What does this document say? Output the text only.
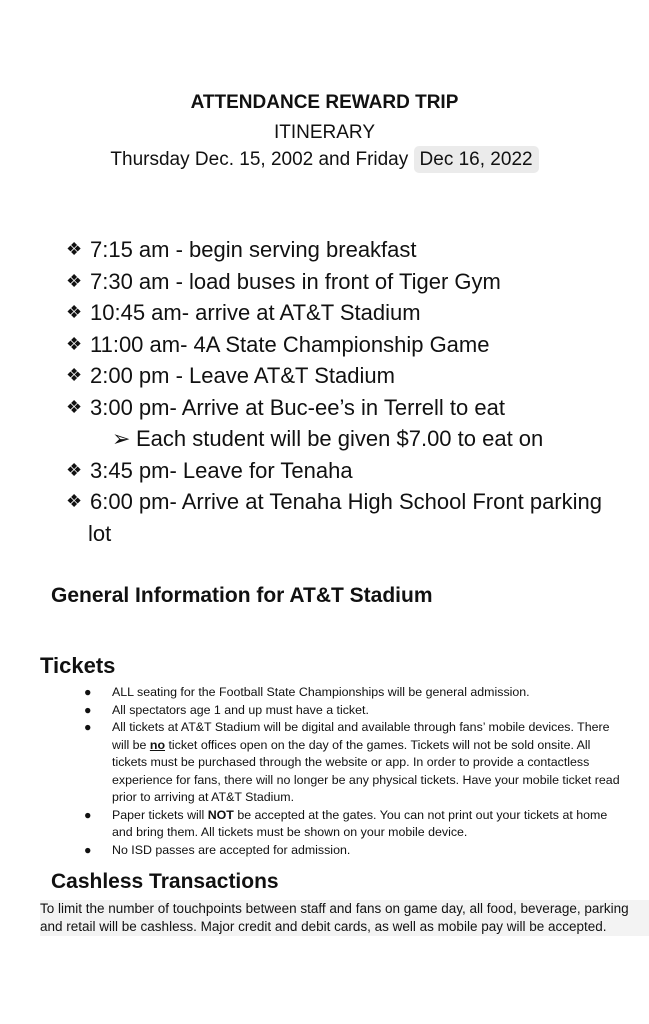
ATTENDANCE REWARD TRIP
ITINERARY
Thursday Dec. 15, 2002 and Friday Dec 16, 2022
❖ 7:15 am - begin serving breakfast
❖ 7:30 am - load buses in front of Tiger Gym
❖ 10:45 am- arrive at AT&T Stadium
❖ 11:00 am- 4A State Championship Game
❖ 2:00 pm - Leave AT&T Stadium
❖ 3:00 pm- Arrive at Buc-ee’s in Terrell to eat
➢ Each student will be given $7.00 to eat on
❖ 3:45 pm- Leave for Tenaha
❖ 6:00 pm- Arrive at Tenaha High School Front parking
lot
General Information for AT&T Stadium
Tickets
●	ALL seating for the Football State Championships will be general admission.
●	All spectators age 1 and up must have a ticket.
●	All tickets at AT&T Stadium will be digital and available through fans’ mobile devices. There
will be no ticket offices open on the day of the games. Tickets will not be sold onsite. All
tickets must be purchased through the website or app. In order to provide a contactless
experience for fans, there will no longer be any physical tickets. Have your mobile ticket read
prior to arriving at AT&T Stadium.
●	Paper tickets will NOT be accepted at the gates. You can not print out your tickets at home
and bring them. All tickets must be shown on your mobile device.
●	No ISD passes are accepted for admission.
Cashless Transactions
To limit the number of touchpoints between staff and fans on game day, all food, beverage, parking
and retail will be cashless. Major credit and debit cards, as well as mobile pay will be accepted.
